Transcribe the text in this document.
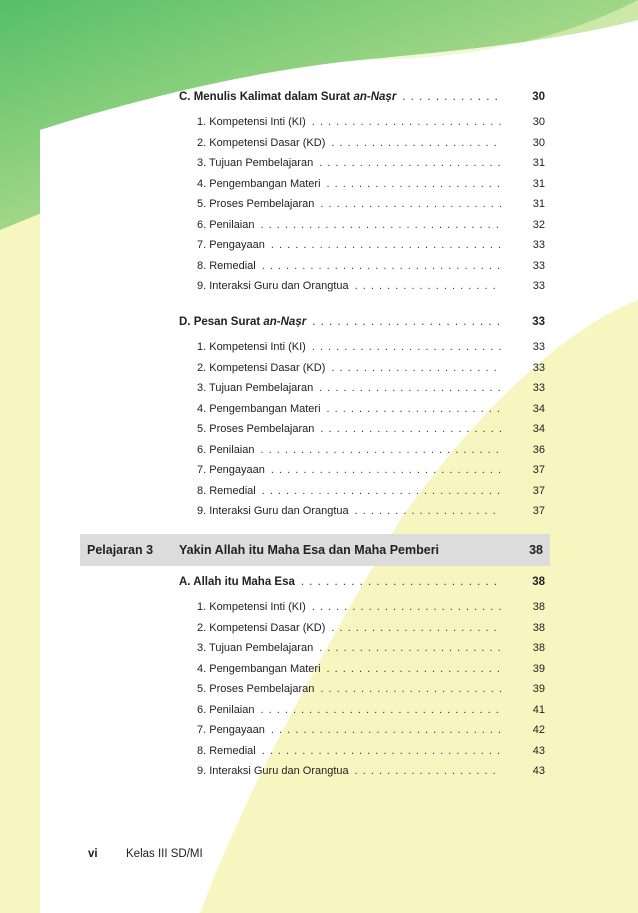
C. Menulis Kalimat dalam Surat an-Naṣr . . .	30
1. Kompetensi Inti (KI) . . .	30
2. Kompetensi Dasar (KD) . . .	30
3. Tujuan Pembelajaran . . .	31
4. Pengembangan Materi . . .	31
5. Proses Pembelajaran . . .	31
6. Penilaian . . .	32
7. Pengayaan . . .	33
8. Remedial . . .	33
9. Interaksi Guru dan Orangtua . . .	33
D. Pesan Surat an-Naṣr . . .	33
1. Kompetensi Inti (KI) . . .	33
2. Kompetensi Dasar (KD) . . .	33
3. Tujuan Pembelajaran . . .	33
4. Pengembangan Materi . . .	34
5. Proses Pembelajaran . . .	34
6. Penilaian . . .	36
7. Pengayaan . . .	37
8. Remedial . . .	37
9. Interaksi Guru dan Orangtua . . .	37
Pelajaran 3 Yakin Allah itu Maha Esa dan Maha Pemberi	38
A. Allah itu Maha Esa . . .	38
1. Kompetensi Inti (KI) . . .	38
2. Kompetensi Dasar (KD) . . .	38
3. Tujuan Pembelajaran . . .	38
4. Pengembangan Materi . . .	39
5. Proses Pembelajaran . . .	39
6. Penilaian . . .	41
7. Pengayaan . . .	42
8. Remedial . . .	43
9. Interaksi Guru dan Orangtua . . .	43
vi Kelas III SD/MI
